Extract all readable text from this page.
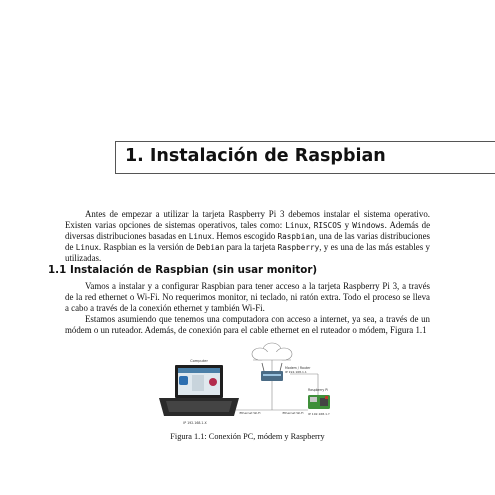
1. Instalación de Raspbian

Antes de empezar a utilizar la tarjeta Raspberry Pi 3 debemos instalar el sistema operativo. Existen varias opciones de sistemas operativos, tales como: Linux, RISCOS y Windows. Además de diversas distribuciones basadas en Linux. Hemos escogido Raspbian, una de las varias distribuciones de Linux. Raspbian es la versión de Debian para la tarjeta Raspberry, y es una de las más estables y utilizadas.

1.1 Instalación de Raspbian (sin usar monitor)

Vamos a instalar y a configurar Raspbian para tener acceso a la tarjeta Raspberry Pi 3, a través de la red ethernet o Wi-Fi. No requerimos monitor, ni teclado, ni ratón extra. Todo el proceso se lleva a cabo a través de la conexión ethernet y también Wi-Fi.

Estamos asumiendo que tenemos una computadora con acceso a internet, ya sea, a través de un módem o un ruteador. Además, de conexión para el cable ethernet en el ruteador o módem, Figura 1.1

Computer
IP 192.168.1.X
Modem / Router
IP 192.168.1.1
Raspberry Pi
IP 192.168.1.Y
Ethernet Wi-Fi	Ethernet Wi-Fi
Figura 1.1: Conexión PC, módem y Raspberry
